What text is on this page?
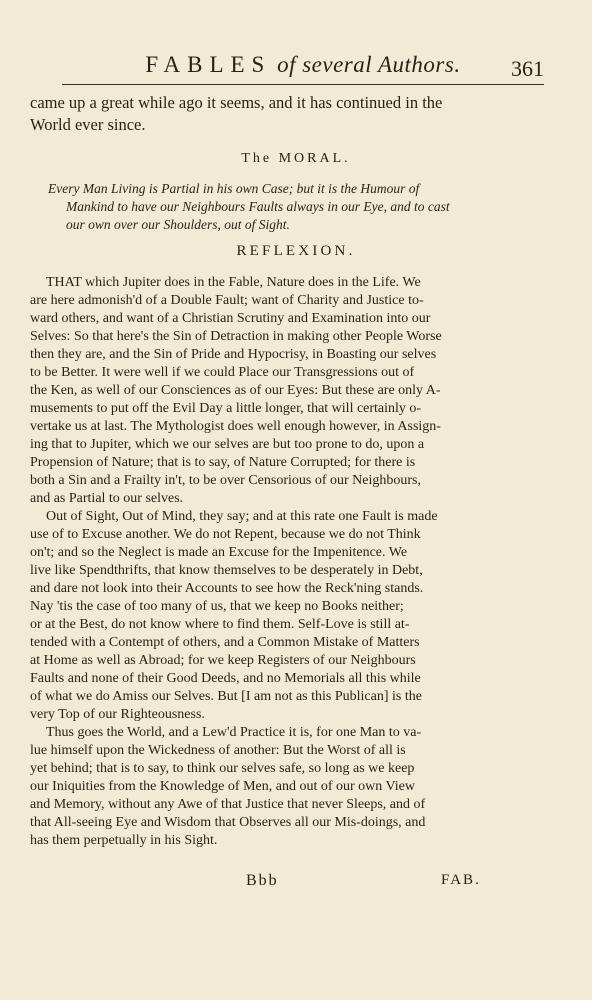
FABLES of several Authors.	361
came up a great while ago it seems, and it has continued in the
World ever since.
The MORAL.
Every Man Living is Partial in his own Case; but it is the Humour of
Mankind to have our Neighbours Faults always in our Eye, and to cast
our own over our Shoulders, out of Sight.
REFLEXION.
THAT which Jupiter does in the Fable, Nature does in the Life. We
are here admonish'd of a Double Fault; want of Charity and Justice to-
ward others, and want of a Christian Scrutiny and Examination into our
Selves: So that here's the Sin of Detraction in making other People Worse
then they are, and the Sin of Pride and Hypocrisy, in Boasting our selves
to be Better. It were well if we could Place our Transgressions out of
the Ken, as well of our Consciences as of our Eyes: But these are only A-
musements to put off the Evil Day a little longer, that will certainly o-
vertake us at last. The Mythologist does well enough however, in Assign-
ing that to Jupiter, which we our selves are but too prone to do, upon a
Propension of Nature; that is to say, of Nature Corrupted; for there is
both a Sin and a Frailty in't, to be over Censorious of our Neighbours,
and as Partial to our selves.
Out of Sight, Out of Mind, they say; and at this rate one Fault is made
use of to Excuse another. We do not Repent, because we do not Think
on't; and so the Neglect is made an Excuse for the Impenitence. We
live like Spendthrifts, that know themselves to be desperately in Debt,
and dare not look into their Accounts to see how the Reck'ning stands.
Nay 'tis the case of too many of us, that we keep no Books neither;
or at the Best, do not know where to find them. Self-Love is still at-
tended with a Contempt of others, and a Common Mistake of Matters
at Home as well as Abroad; for we keep Registers of our Neighbours
Faults and none of their Good Deeds, and no Memorials all this while
of what we do Amiss our Selves. But [I am not as this Publican] is the
very Top of our Righteousness.
Thus goes the World, and a Lew'd Practice it is, for one Man to va-
lue himself upon the Wickedness of another: But the Worst of all is
yet behind; that is to say, to think our selves safe, so long as we keep
our Iniquities from the Knowledge of Men, and out of our own View
and Memory, without any Awe of that Justice that never Sleeps, and of
that All-seeing Eye and Wisdom that Observes all our Mis-doings, and
has them perpetually in his Sight.
Bbb	FAB.
